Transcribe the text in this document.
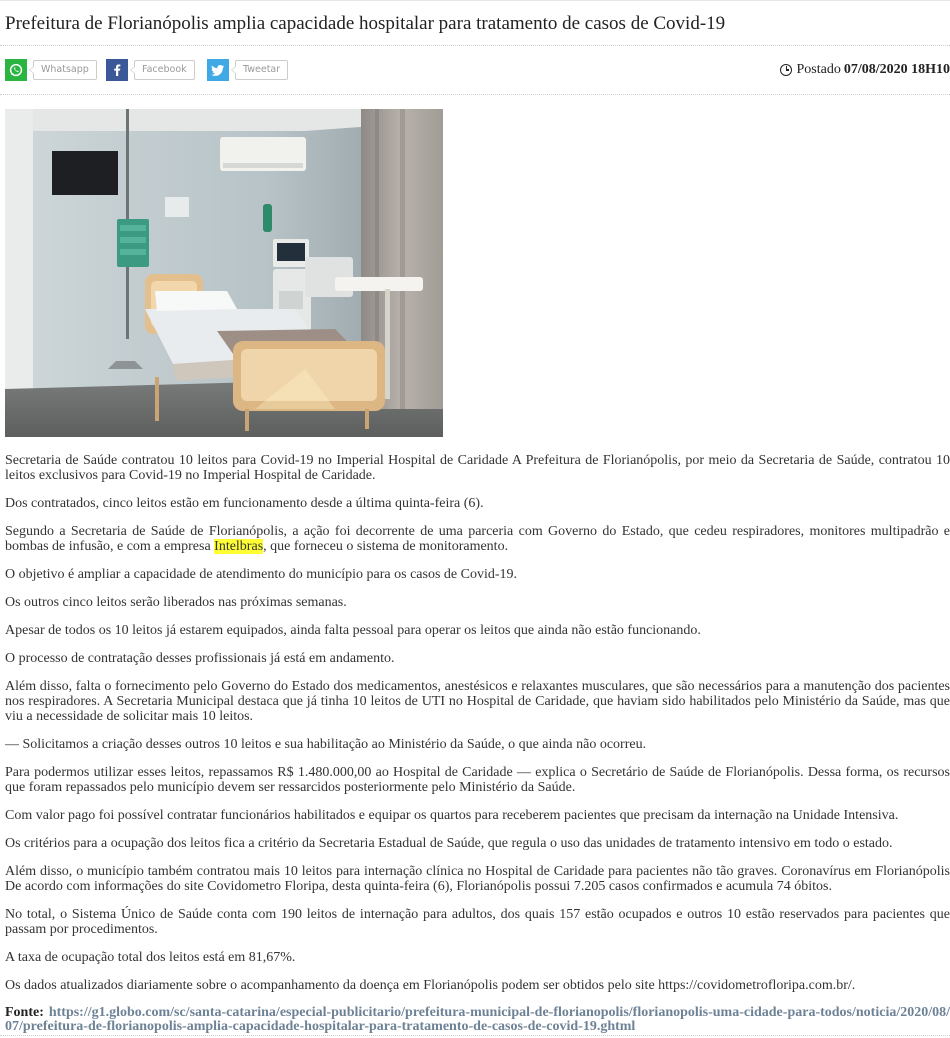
Prefeitura de Florianópolis amplia capacidade hospitalar para tratamento de casos de Covid-19
Whatsapp	Facebook	Tweetar	Postado 07/08/2020 18H10

Secretaria de Saúde contratou 10 leitos para Covid-19 no Imperial Hospital de Caridade A Prefeitura de Florianópolis, por meio da Secretaria de Saúde, contratou 10 leitos exclusivos para Covid-19 no Imperial Hospital de Caridade.

Dos contratados, cinco leitos estão em funcionamento desde a última quinta-feira (6).

Segundo a Secretaria de Saúde de Florianópolis, a ação foi decorrente de uma parceria com Governo do Estado, que cedeu respiradores, monitores multipadrão e bombas de infusão, e com a empresa Intelbras, que forneceu o sistema de monitoramento.

O objetivo é ampliar a capacidade de atendimento do município para os casos de Covid-19.

Os outros cinco leitos serão liberados nas próximas semanas.

Apesar de todos os 10 leitos já estarem equipados, ainda falta pessoal para operar os leitos que ainda não estão funcionando.

O processo de contratação desses profissionais já está em andamento.

Além disso, falta o fornecimento pelo Governo do Estado dos medicamentos, anestésicos e relaxantes musculares, que são necessários para a manutenção dos pacientes nos respiradores. A Secretaria Municipal destaca que já tinha 10 leitos de UTI no Hospital de Caridade, que haviam sido habilitados pelo Ministério da Saúde, mas que viu a necessidade de solicitar mais 10 leitos.

— Solicitamos a criação desses outros 10 leitos e sua habilitação ao Ministério da Saúde, o que ainda não ocorreu.

Para podermos utilizar esses leitos, repassamos R$ 1.480.000,00 ao Hospital de Caridade — explica o Secretário de Saúde de Florianópolis. Dessa forma, os recursos que foram repassados pelo município devem ser ressarcidos posteriormente pelo Ministério da Saúde.

Com valor pago foi possível contratar funcionários habilitados e equipar os quartos para receberem pacientes que precisam da internação na Unidade Intensiva.

Os critérios para a ocupação dos leitos fica a critério da Secretaria Estadual de Saúde, que regula o uso das unidades de tratamento intensivo em todo o estado.

Além disso, o município também contratou mais 10 leitos para internação clínica no Hospital de Caridade para pacientes não tão graves. Coronavírus em Florianópolis De acordo com informações do site Covidometro Floripa, desta quinta-feira (6), Florianópolis possui 7.205 casos confirmados e acumula 74 óbitos.

No total, o Sistema Único de Saúde conta com 190 leitos de internação para adultos, dos quais 157 estão ocupados e outros 10 estão reservados para pacientes que passam por procedimentos.

A taxa de ocupação total dos leitos está em 81,67%.

Os dados atualizados diariamente sobre o acompanhamento da doença em Florianópolis podem ser obtidos pelo site https://covidometrofloripa.com.br/.

Fonte: https://g1.globo.com/sc/santa-catarina/especial-publicitario/prefeitura-municipal-de-florianopolis/florianopolis-uma-cidade-para-todos/noticia/2020/08/07/prefeitura-de-florianopolis-amplia-capacidade-hospitalar-para-tratamento-de-casos-de-covid-19.ghtml
